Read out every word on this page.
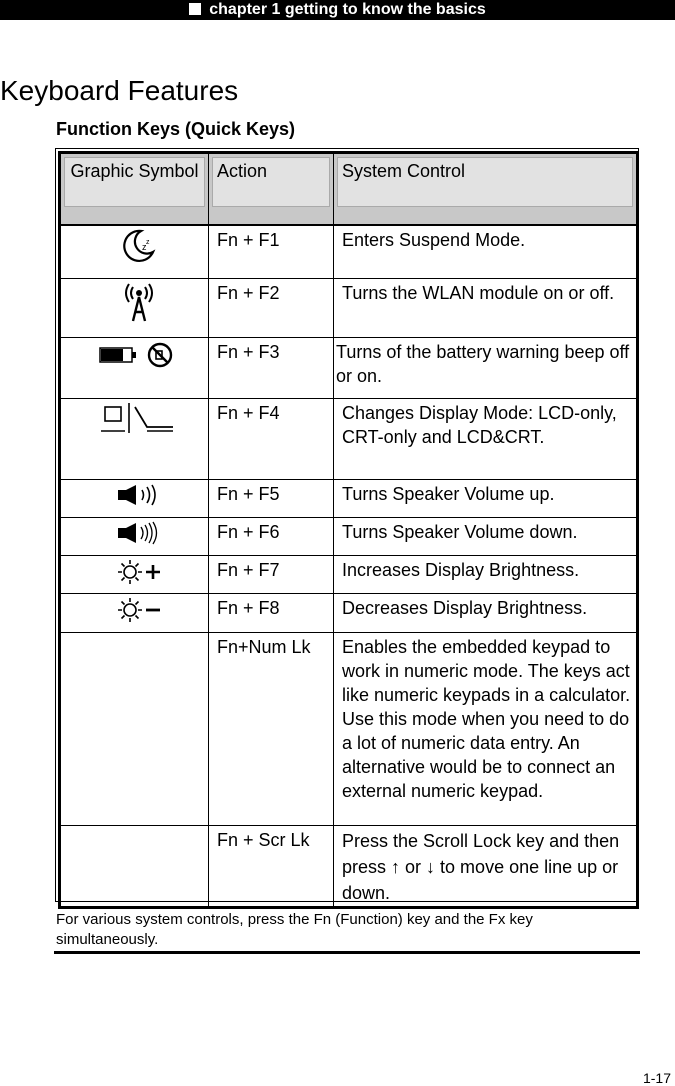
chapter 1 getting to know the basics
Keyboard Features
Function Keys (Quick Keys)
Graphic Symbol	Action	System Control

z z	Fn + F1	Enters Suspend Mode.

	Fn + F2	Turns the WLAN module on or off.

	Fn + F3	Turns of the battery warning beep off or on.

	Fn + F4	Changes Display Mode: LCD-only, CRT-only and LCD&CRT.

	Fn + F5	Turns Speaker Volume up.

	Fn + F6	Turns Speaker Volume down.

	Fn + F7	Increases Display Brightness.

	Fn + F8	Decreases Display Brightness.
	Fn+Num Lk	Enables the embedded keypad to work in numeric mode. The keys act like numeric keypads in a calculator. Use this mode when you need to do a lot of numeric data entry. An alternative would be to connect an external numeric keypad.
	Fn + Scr Lk	Press the Scroll Lock key and then press ↑ or ↓ to move one line up or down.
For various system controls, press the Fn (Function) key and the Fx key simultaneously.
1-17
